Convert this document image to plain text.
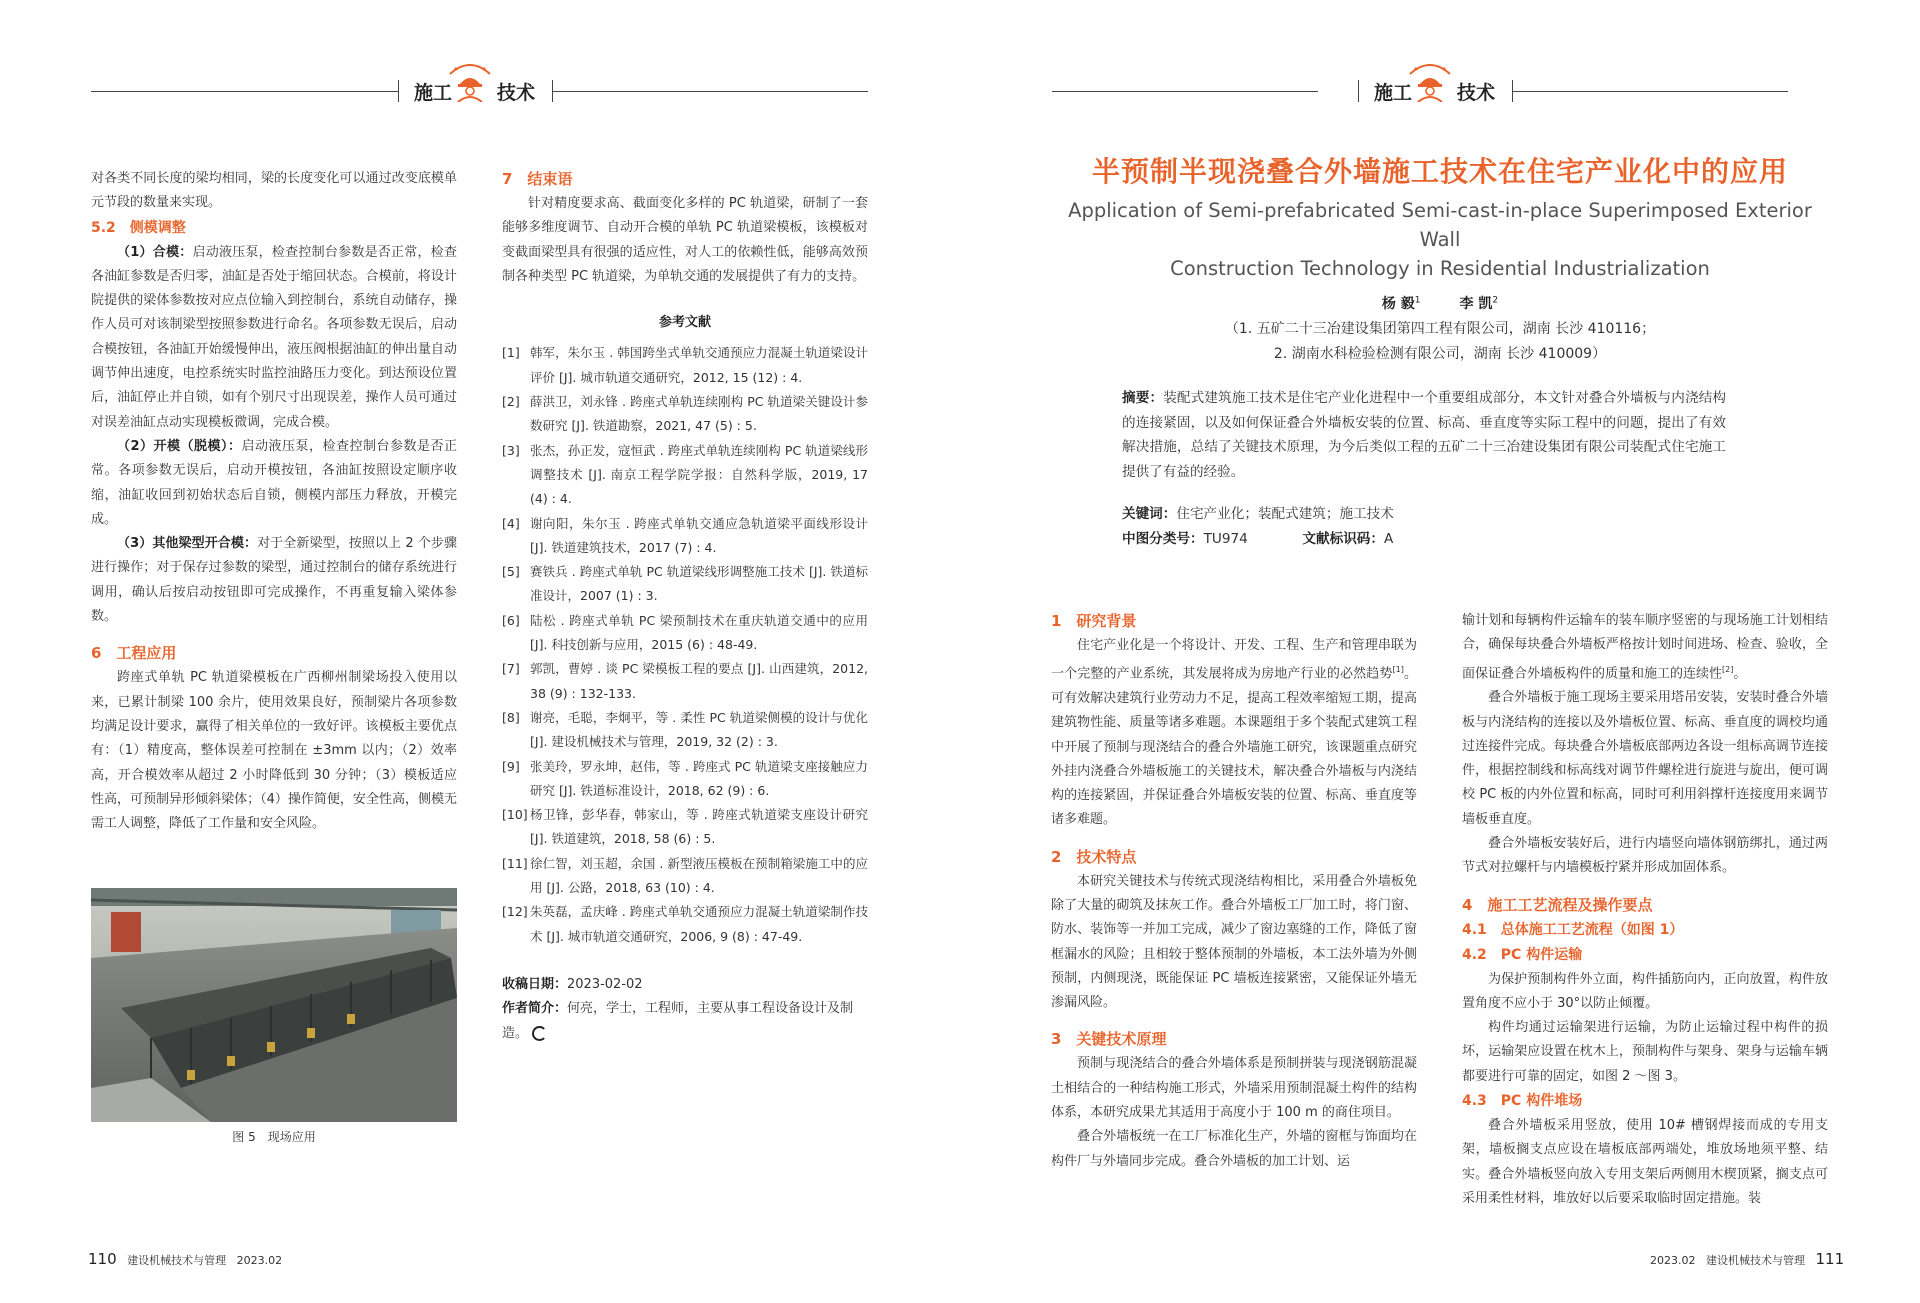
施工 技术

对各类不同长度的梁均相同，梁的长度变化可以通过改变底模单元节段的数量来实现。

5.2　侧模调整

（1）合模：启动液压泵，检查控制台参数是否正常，检查各油缸参数是否归零，油缸是否处于缩回状态。合模前，将设计院提供的梁体参数按对应点位输入到控制台，系统自动储存，操作人员可对该制梁型按照参数进行命名。各项参数无误后，启动合模按钮，各油缸开始缓慢伸出，液压阀根据油缸的伸出量自动调节伸出速度，电控系统实时监控油路压力变化。到达预设位置后，油缸停止并自锁，如有个别尺寸出现误差，操作人员可通过对误差油缸点动实现模板微调，完成合模。

（2）开模（脱模）：启动液压泵，检查控制台参数是否正常。各项参数无误后，启动开模按钮，各油缸按照设定顺序收缩，油缸收回到初始状态后自锁，侧模内部压力释放，开模完成。

（3）其他梁型开合模：对于全新梁型，按照以上 2 个步骤进行操作；对于保存过参数的梁型，通过控制台的储存系统进行调用，确认后按启动按钮即可完成操作，不再重复输入梁体参数。

6　工程应用

跨座式单轨 PC 轨道梁模板在广西柳州制梁场投入使用以来，已累计制梁 100 余片，使用效果良好，预制梁片各项参数均满足设计要求，赢得了相关单位的一致好评。该模板主要优点有：（1）精度高，整体误差可控制在 ±3mm 以内；（2）效率高，开合模效率从超过 2 小时降低到 30 分钟；（3）模板适应性高，可预制异形倾斜梁体；（4）操作简便，安全性高，侧模无需工人调整，降低了工作量和安全风险。

图 5　现场应用
7　结束语

针对精度要求高、截面变化多样的 PC 轨道梁，研制了一套能够多维度调节、自动开合模的单轨 PC 轨道梁模板，该模板对变截面梁型具有很强的适应性，对人工的依赖性低，能够高效预制各种类型 PC 轨道梁，为单轨交通的发展提供了有力的支持。

参考文献
[1] 韩军，朱尔玉 . 韩国跨坐式单轨交通预应力混凝土轨道梁设计评价 [J]. 城市轨道交通研究，2012, 15 (12) : 4.
[2] 薛洪卫，刘永锋 . 跨座式单轨连续刚构 PC 轨道梁关键设计参数研究 [J]. 铁道勘察，2021, 47 (5) : 5.
[3] 张杰，孙正发，寇恒武 . 跨座式单轨连续刚构 PC 轨道梁线形调整技术 [J]. 南京工程学院学报：自然科学版，2019, 17 (4) : 4.
[4] 谢向阳，朱尔玉 . 跨座式单轨交通应急轨道梁平面线形设计 [J]. 铁道建筑技术，2017 (7) : 4.
[5] 赛铁兵 . 跨座式单轨 PC 轨道梁线形调整施工技术 [J]. 铁道标准设计，2007 (1) : 3.
[6] 陆松 . 跨座式单轨 PC 梁预制技术在重庆轨道交通中的应用 [J]. 科技创新与应用，2015 (6) : 48-49.
[7] 郭凯，曹婷 . 谈 PC 梁模板工程的要点 [J]. 山西建筑，2012, 38 (9) : 132-133.
[8] 谢亮，毛聪，李炯平，等 . 柔性 PC 轨道梁侧模的设计与优化 [J]. 建设机械技术与管理，2019, 32 (2) : 3.
[9] 张美玲，罗永坤，赵伟，等 . 跨座式 PC 轨道梁支座接触应力研究 [J]. 铁道标准设计，2018, 62 (9) : 6.
[10] 杨卫锋，彭华春，韩家山，等 . 跨座式轨道梁支座设计研究 [J]. 铁道建筑，2018, 58 (6) : 5.
[11] 徐仁智，刘玉超，余国 . 新型液压模板在预制箱梁施工中的应用 [J]. 公路，2018, 63 (10) : 4.
[12] 朱英磊，孟庆峰 . 跨座式单轨交通预应力混凝土轨道梁制作技术 [J]. 城市轨道交通研究，2006, 9 (8) : 47-49.
收稿日期：2023-02-02
作者简介：何亮，学士，工程师，主要从事工程设备设计及制造。
110 建设机械技术与管理 2023.02
施工 技术
半预制半现浇叠合外墙施工技术在住宅产业化中的应用
Application of Semi-prefabricated Semi-cast-in-place Superimposed Exterior Wall
Construction Technology in Residential Industrialization
杨 毅$^1$	李 凯$^2$
（1. 五矿二十三冶建设集团第四工程有限公司，湖南 长沙 410116；
2. 湖南水科检验检测有限公司，湖南 长沙 410009）
摘要：装配式建筑施工技术是住宅产业化进程中一个重要组成部分，本文针对叠合外墙板与内浇结构的连接紧固，以及如何保证叠合外墙板安装的位置、标高、垂直度等实际工程中的问题，提出了有效解决措施，总结了关键技术原理，为今后类似工程的五矿二十三冶建设集团有限公司装配式住宅施工提供了有益的经验。
关键词：住宅产业化；装配式建筑；施工技术
中图分类号：TU974	文献标识码：A
1　研究背景

住宅产业化是一个将设计、开发、工程、生产和管理串联为一个完整的产业系统，其发展将成为房地产行业的必然趋势[1]。可有效解决建筑行业劳动力不足，提高工程效率缩短工期，提高建筑物性能、质量等诸多难题。本课题组于多个装配式建筑工程中开展了预制与现浇结合的叠合外墙施工研究，该课题重点研究外挂内浇叠合外墙板施工的关键技术，解决叠合外墙板与内浇结构的连接紧固，并保证叠合外墙板安装的位置、标高、垂直度等诸多难题。

2　技术特点

本研究关键技术与传统式现浇结构相比，采用叠合外墙板免除了大量的砌筑及抹灰工作。叠合外墙板工厂加工时，将门窗、防水、装饰等一并加工完成，减少了窗边塞缝的工作，降低了窗框漏水的风险；且相较于整体预制的外墙板，本工法外墙为外侧预制，内侧现浇，既能保证 PC 墙板连接紧密，又能保证外墙无渗漏风险。

3　关键技术原理

预制与现浇结合的叠合外墙体系是预制拼装与现浇钢筋混凝土相结合的一种结构施工形式，外墙采用预制混凝土构件的结构体系，本研究成果尤其适用于高度小于 100 m 的商住项目。

叠合外墙板统一在工厂标准化生产，外墙的窗框与饰面均在构件厂与外墙同步完成。叠合外墙板的加工计划、运

输计划和每辆构件运输车的装车顺序竖密的与现场施工计划相结合，确保每块叠合外墙板严格按计划时间进场、检查、验收，全面保证叠合外墙板构件的质量和施工的连续性[2]。

叠合外墙板于施工现场主要采用塔吊安装，安装时叠合外墙板与内浇结构的连接以及外墙板位置、标高、垂直度的调校均通过连接件完成。每块叠合外墙板底部两边各设一组标高调节连接件，根据控制线和标高线对调节件螺栓进行旋进与旋出，便可调校 PC 板的内外位置和标高，同时可利用斜撑杆连接度用来调节墙板垂直度。

叠合外墙板安装好后，进行内墙竖向墙体钢筋绑扎，通过两节式对拉螺杆与内墙模板拧紧并形成加固体系。

4　施工工艺流程及操作要点
4.1　总体施工工艺流程（如图 1）
4.2　PC 构件运输

为保护预制构件外立面，构件插筋向内，正向放置，构件放置角度不应小于 30°以防止倾覆。

构件均通过运输架进行运输，为防止运输过程中构件的损坏，运输架应设置在枕木上，预制构件与架身、架身与运输车辆都要进行可靠的固定，如图 2 ～图 3。

4.3　PC 构件堆场

叠合外墙板采用竖放，使用 10# 槽钢焊接而成的专用支架，墙板搁支点应设在墙板底部两端处，堆放场地须平整、结实。叠合外墙板竖向放入专用支架后两侧用木楔顶紧，搁支点可采用柔性材料，堆放好以后要采取临时固定措施。装

2023.02 建设机械技术与管理 111
